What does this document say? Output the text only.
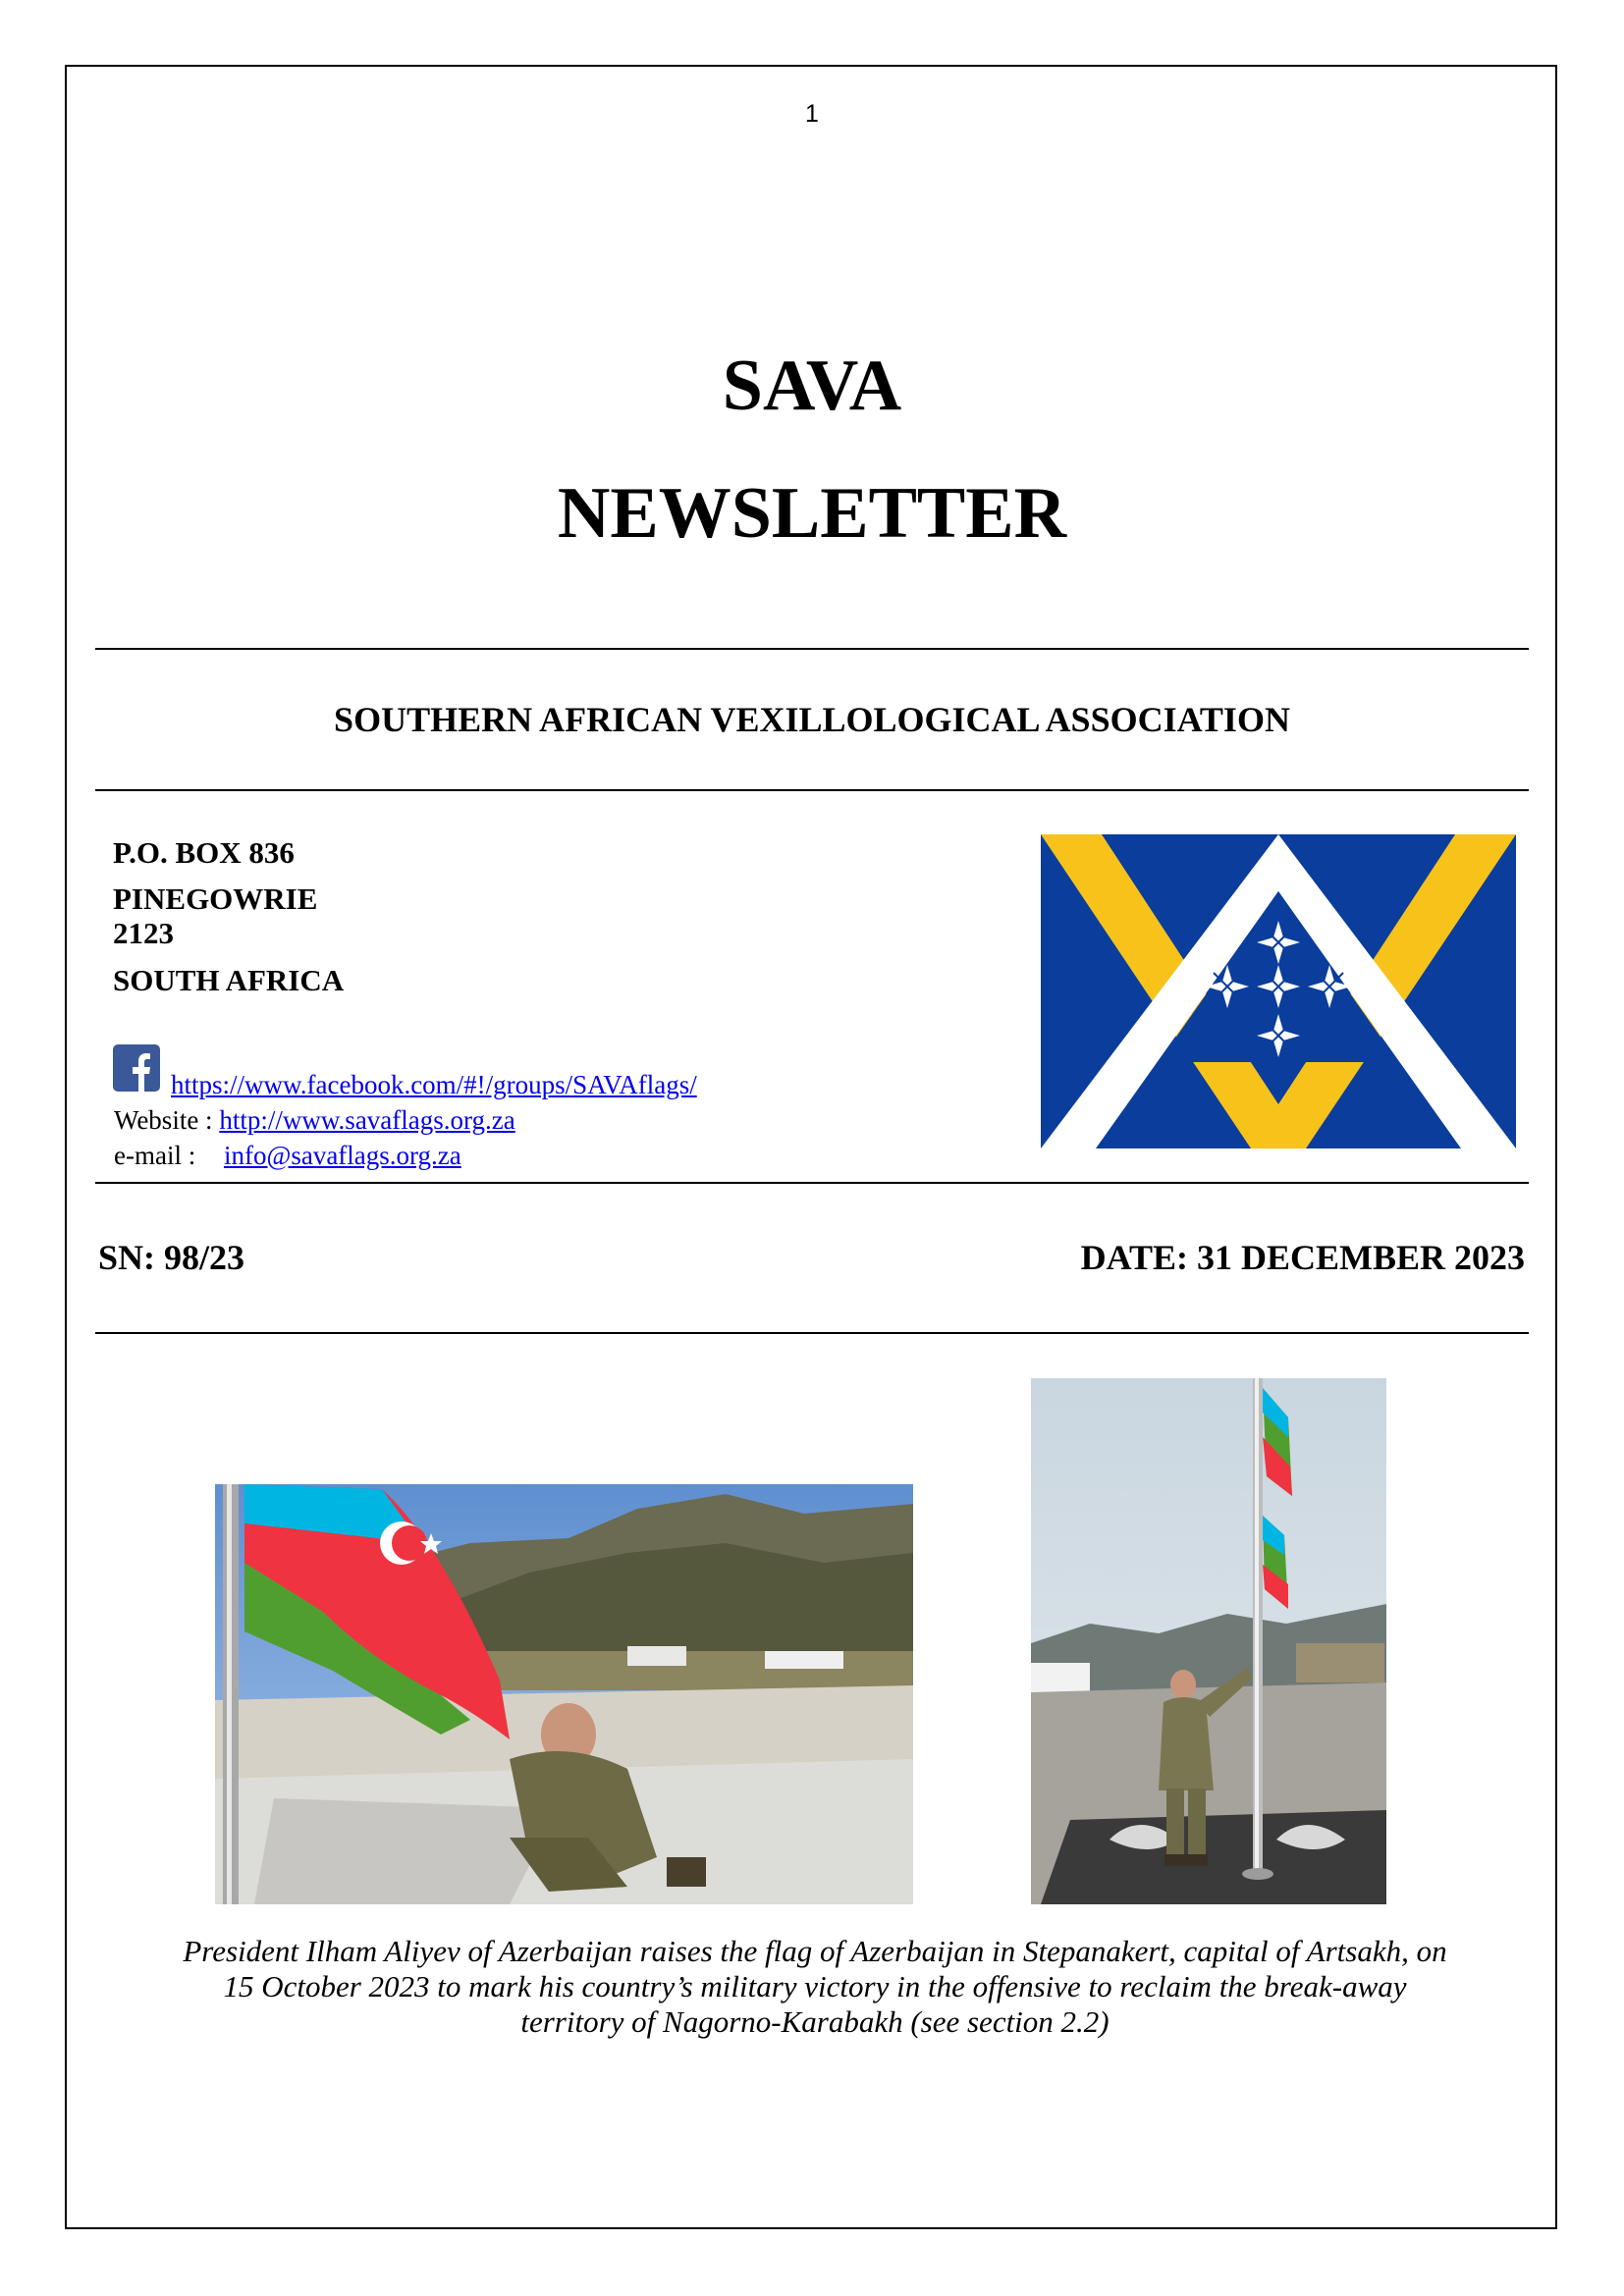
1
SAVA
NEWSLETTER
SOUTHERN AFRICAN VEXILLOLOGICAL ASSOCIATION
P.O. BOX 836
PINEGOWRIE
2123
SOUTH AFRICA
https://www.facebook.com/#!/groups/SAVAflags/
Website : http://www.savaflags.org.za
e-mail : info@savaflags.org.za
SN: 98/23	DATE: 31 DECEMBER 2023
President Ilham Aliyev of Azerbaijan raises the flag of Azerbaijan in Stepanakert, capital of Artsakh, on 15 October 2023 to mark his country’s military victory in the offensive to reclaim the break-away territory of Nagorno-Karabakh (see section 2.2)
